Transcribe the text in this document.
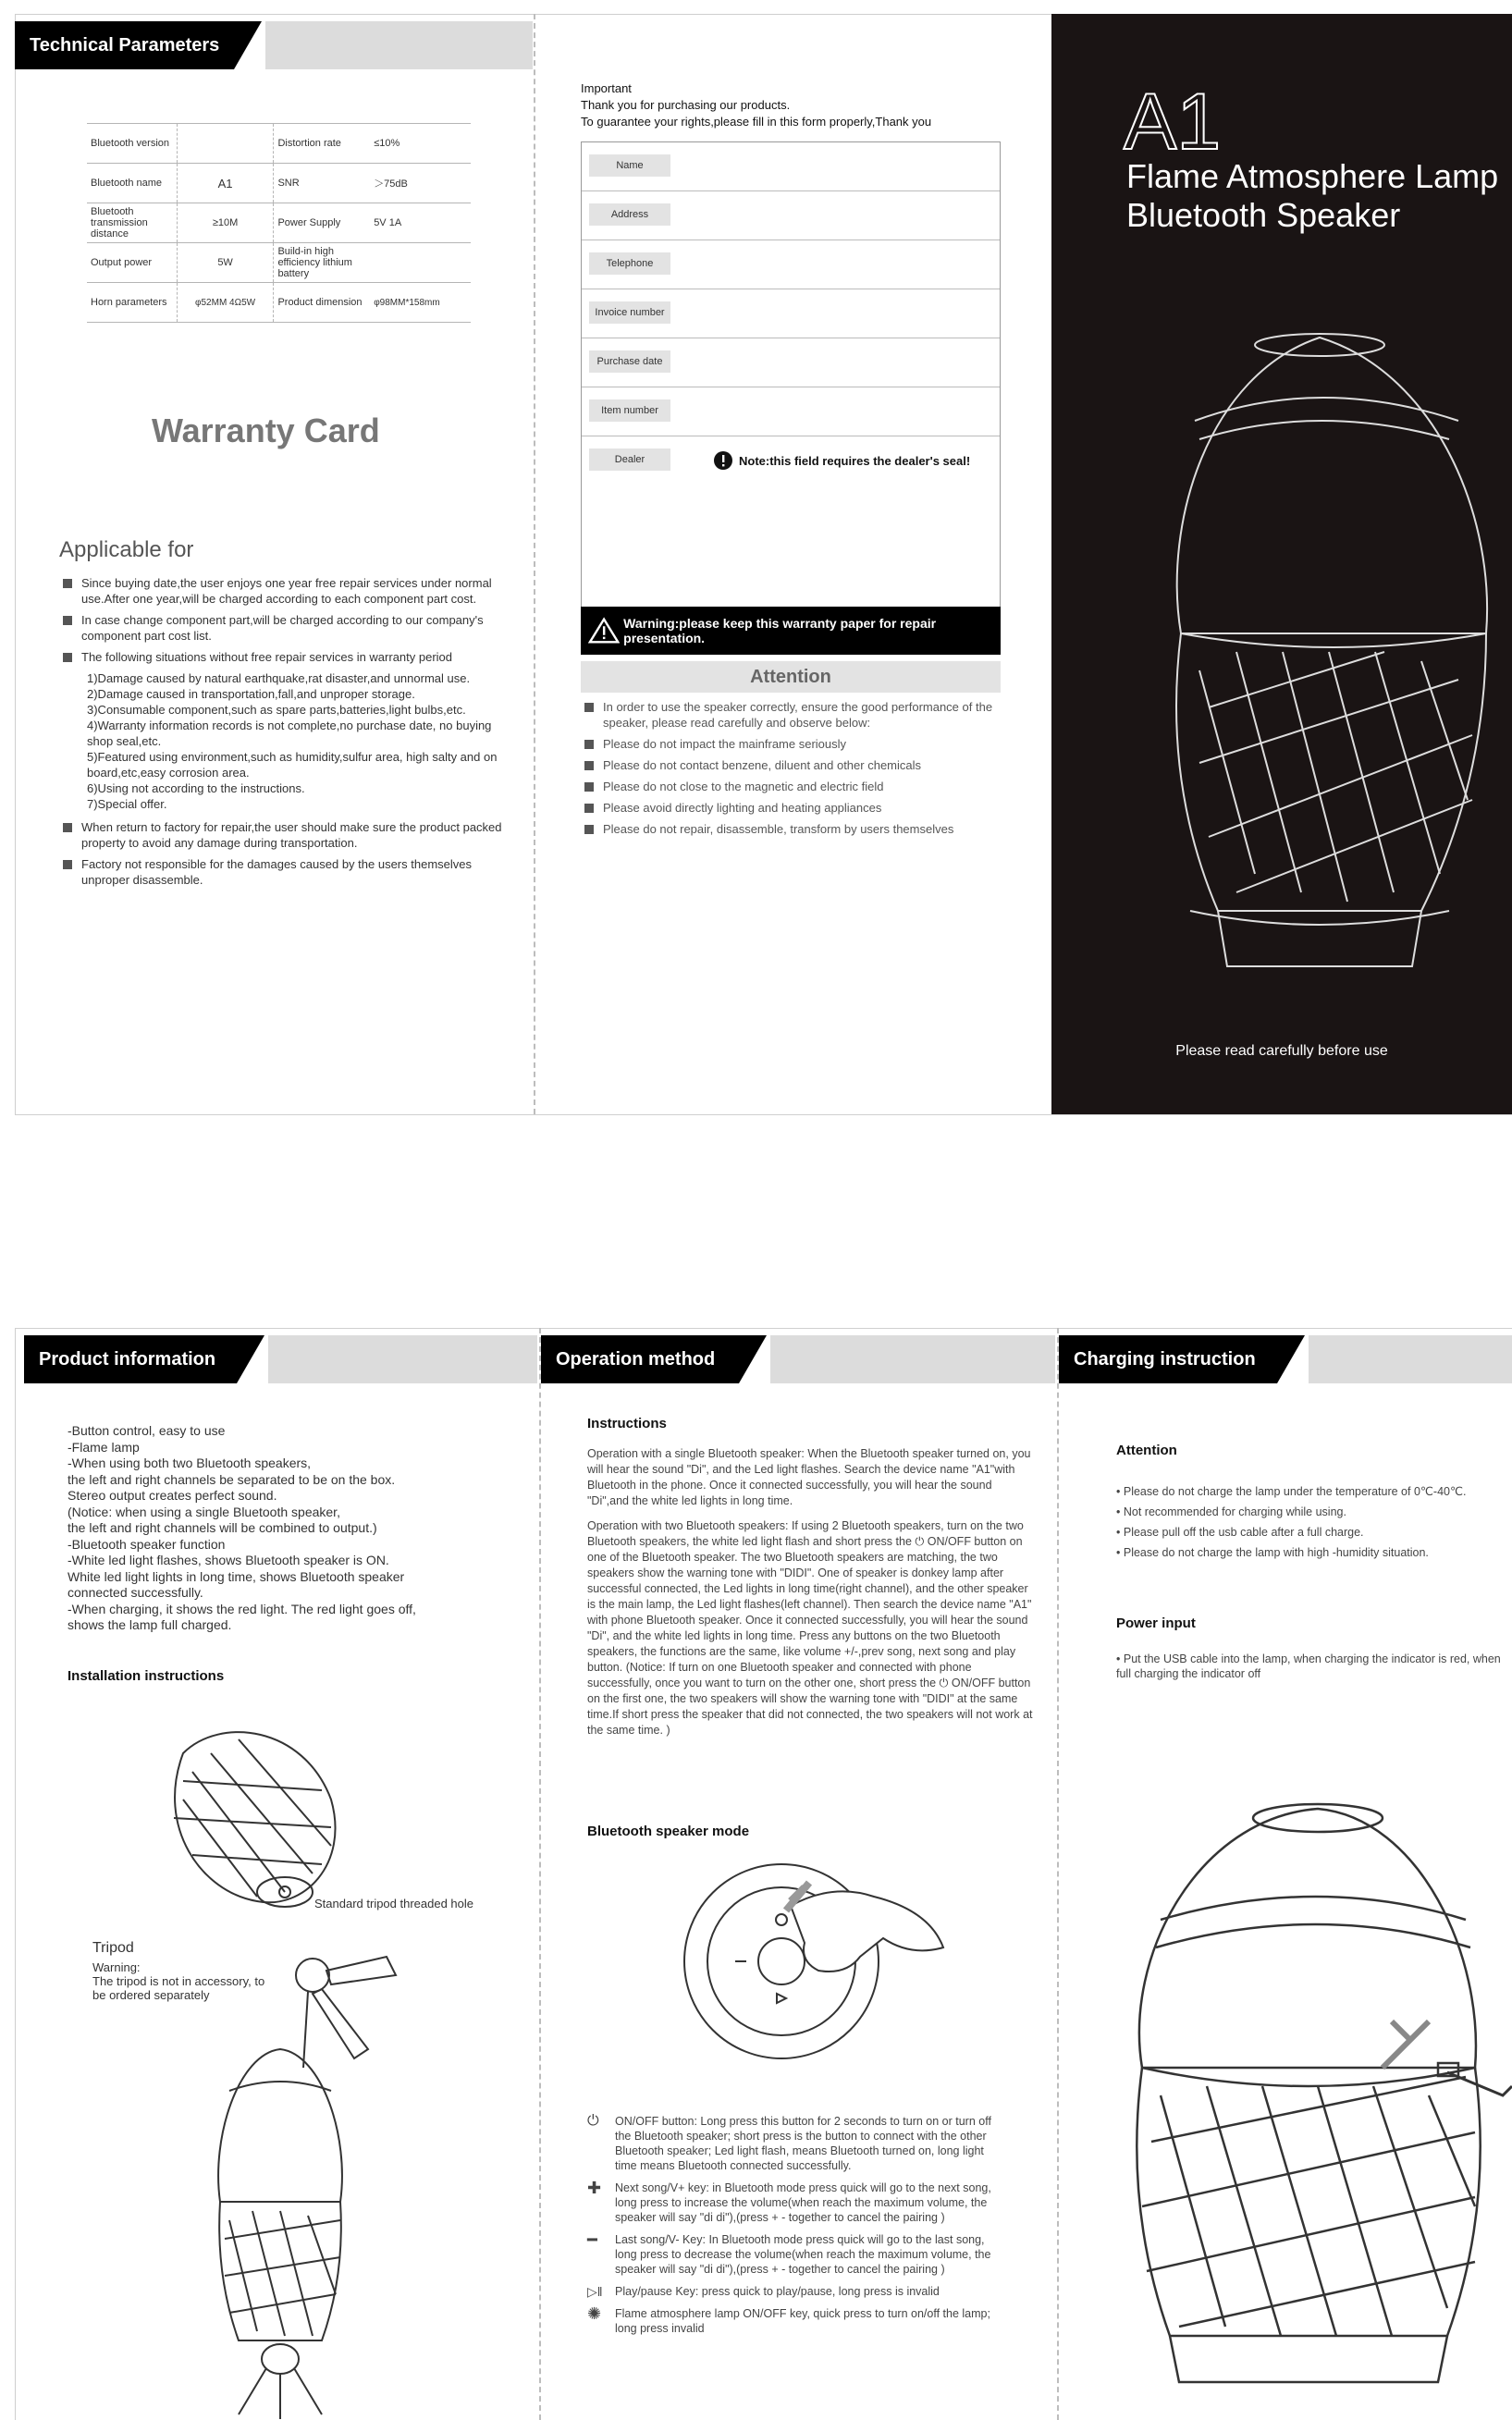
Technical Parameters
Bluetooth version		Distortion rate	≤10%
Bluetooth name	A1	SNR	＞75dB
Bluetooth transmission distance	≥10M	Power Supply	5V 1A
Output power	5W	Build-in high efficiency lithium battery	
Horn parameters	φ52MM 4Ω5W	Product dimension	φ98MM*158mm
Warranty Card
Applicable for
Since buying date,the user enjoys one year free repair services under normal use.After one year,will be charged according to each component part cost.
In case change component part,will be charged according to our company's component part cost list.
The following situations without free repair services in warranty period
1)Damage caused by natural earthquake,rat disaster,and unnormal use.
2)Damage caused in transportation,fall,and unproper storage.
3)Consumable component,such as spare parts,batteries,light bulbs,etc.
4)Warranty information records is not complete,no purchase date, no buying shop seal,etc.
5)Featured using environment,such as humidity,sulfur area, high salty and on board,etc,easy corrosion area.
6)Using not according to the instructions.
7)Special offer.
When return to factory for repair,the user should make sure the product packed property to avoid any damage during transportation.
Factory not responsible for the damages caused by the users themselves unproper disassemble.
Important
Thank you for purchasing our products.
To guarantee your rights,please fill in this form properly,Thank you
Name
Address
Telephone
Invoice number
Purchase date
Item number
Dealer	Note:this field requires the dealer's seal!
Warning:please keep this warranty paper for repair presentation.
Attention
In order to use the speaker correctly, ensure the good performance of the speaker, please read carefully and observe below:
Please do not impact the mainframe seriously
Please do not contact benzene, diluent and other chemicals
Please do not close to the magnetic and electric field
Please avoid directly lighting and heating appliances
Please do not repair, disassemble, transform by users themselves
A1
Flame Atmosphere Lamp
Bluetooth Speaker
Please read carefully before use
Product information
-Button control, easy to use
-Flame lamp
-When using both two Bluetooth speakers,
the left and right channels be separated to be on the box.
Stereo output creates perfect sound.
(Notice: when using a single Bluetooth speaker,
the left and right channels will be combined to output.)
-Bluetooth speaker function
-White led light flashes, shows Bluetooth speaker is ON.
White led light lights in long time, shows Bluetooth speaker
connected successfully.
-When charging, it shows the red light. The red light goes off,
shows the lamp full charged.
Installation instructions
Standard tripod threaded hole
Tripod
Warning:
The tripod is not in accessory, to be ordered separately
Operation method
Instructions

Operation with a single Bluetooth speaker: When the Bluetooth speaker turned on, you will hear the sound "Di", and the Led light flashes. Search the device name "A1"with Bluetooth in the phone. Once it connected successfully, you will hear the sound "Di",and the white led lights in long time.

Operation with two Bluetooth speakers: If using 2 Bluetooth speakers, turn on the two Bluetooth speakers, the white led light flash and short press the ⏻ ON/OFF button on one of the Bluetooth speaker. The two Bluetooth speakers are matching, the two speakers show the warning tone with "DIDI". One of speaker is donkey lamp after successful connected, the Led lights in long time(right channel), and the other speaker is the main lamp, the Led light flashes(left channel). Then search the device name "A1" with phone Bluetooth speaker. Once it connected successfully, you will hear the sound "Di", and the white led lights in long time. Press any buttons on the two Bluetooth speakers, the functions are the same, like volume +/-,prev song, next song and play button. (Notice: If turn on one Bluetooth speaker and connected with phone successfully, once you want to turn on the other one, short press the ⏻ ON/OFF button on the first one, the two speakers will show the warning tone with "DIDI" at the same time.If short press the speaker that did not connected, the two speakers will not work at the same time. )

Bluetooth speaker mode
⏻	ON/OFF button: Long press this button for 2 seconds to turn on or turn off the Bluetooth speaker; short press is the button to connect with the other Bluetooth speaker; Led light flash, means Bluetooth turned on, long light time means Bluetooth connected successfully.
✚	Next song/V+ key: in Bluetooth mode press quick will go to the next song, long press to increase the volume(when reach the maximum volume, the speaker will say "di di"),(press + - together to cancel the pairing )
━	Last song/V- Key: In Bluetooth mode press quick will go to the last song, long press to decrease the volume(when reach the maximum volume, the speaker will say "di di"),(press + - together to cancel the pairing )
▷‖	Play/pause Key: press quick to play/pause, long press is invalid
✺	Flame atmosphere lamp ON/OFF key, quick press to turn on/off the lamp; long press invalid
Charging instruction
Attention
• Please do not charge the lamp under the temperature of 0℃-40℃.
• Not recommended for charging while using.
• Please pull off the usb cable after a full charge.
• Please do not charge the lamp with high -humidity situation.
Power input
• Put the USB cable into the lamp, when charging the indicator is red, when full charging the indicator off
